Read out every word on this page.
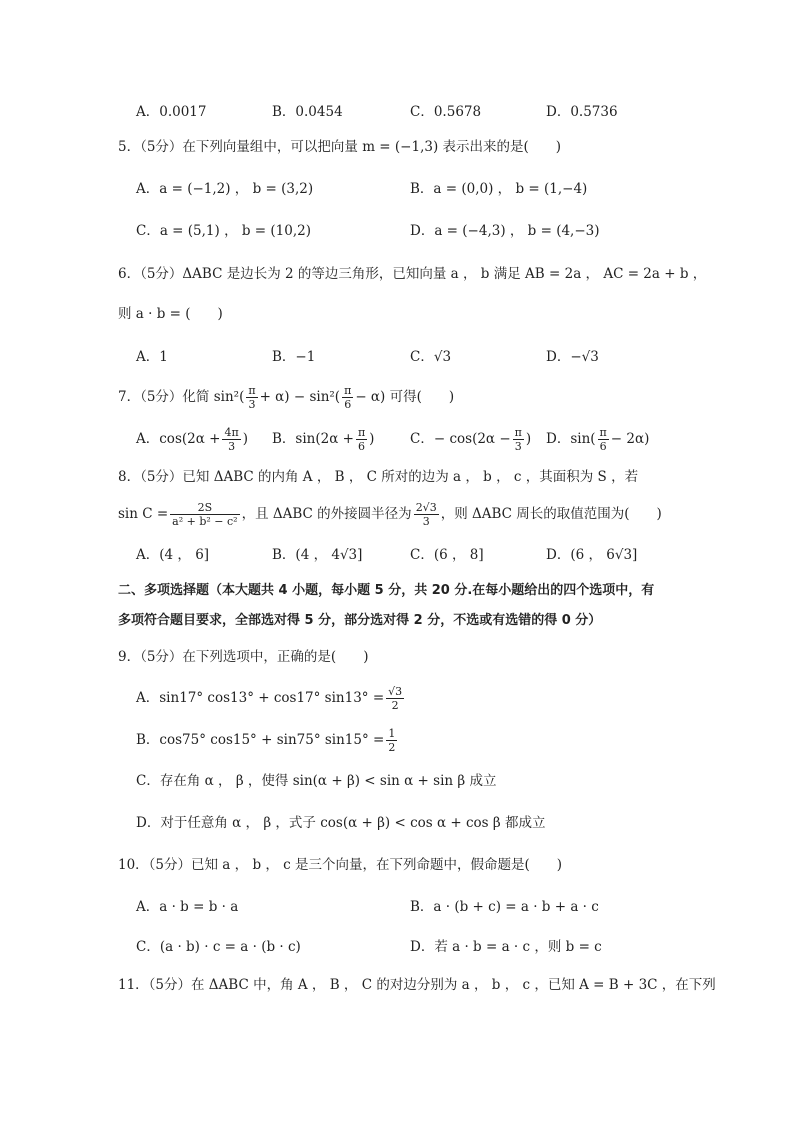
A．0.0017	B．0.0454	C．0.5678	D．0.5736
5．（5分）在下列向量组中，可以把向量 m = (−1,3) 表示出来的是(　　)
A．a = (−1,2) ， b = (3,2)	B．a = (0,0) ， b = (1,−4)
C．a = (5,1) ， b = (10,2)	D．a = (−4,3) ， b = (4,−3)
6．（5分）ΔABC 是边长为 2 的等边三角形，已知向量 a ， b 满足 AB = 2a ， AC = 2a + b ，
则 a · b = (　　)
A．1	B．−1	C．√3	D．−√3
7．（5分）化简 $\sin^2( \frac{\pi}{3} + \alpha) - \sin^2( \frac{\pi}{6} - \alpha)$ 可得(　　)
A．$\cos(2\alpha + \frac{4\pi}{3}$ ) B．$\sin(2\alpha + \frac{\pi}{6}$ )	C．− $\cos(2\alpha - \frac{\pi}{3}$ ) D．$\sin( \frac{\pi}{6} - 2\alpha)$
8．（5分）已知 ΔABC 的内角 A ， B ， C 所对的边为 a ， b ， c ，其面积为 S ，若
$\sin C = \frac{2S}{\text{a² + b² − c²}}$ ，且 ΔABC 的外接圆半径为 $\frac{2√3}{3}$ ，则 ΔABC 周长的取值范围为(　　)
A．(4 ， 6]	B．(4 ， 4√3]	C．(6 ， 8]	D．(6 ， 6√3]
二、多项选择题（本大题共 4 小题，每小题 5 分，共 20 分.在每小题给出的四个选项中，有
多项符合题目要求，全部选对得 5 分，部分选对得 2 分，不选或有选错的得 0 分）
9．（5分）在下列选项中，正确的是(　　)
A．sin17° cos13° + cos17° $\sin 13^\circ = \frac{√3}{2}$
B．cos75° cos15° + sin75° $\sin 15^\circ = \frac{1}{2}$
C．存在角 α ， β ，使得 sin(α + β) < sin α + sin β 成立
D．对于任意角 α ， β ，式子 cos(α + β) < cos α + cos β 都成立
10．（5分）已知 a ， b ， c 是三个向量，在下列命题中，假命题是(　　)
A．a · b = b · a	B．a · (b + c) = a · b + a · c
C．(a · b) · c = a · (b · c)	D．若 a · b = a · c ，则 b = c
11．（5分）在 ΔABC 中，角 A ， B ， C 的对边分别为 a ， b ， c ，已知 A = B + 3C ，在下列
